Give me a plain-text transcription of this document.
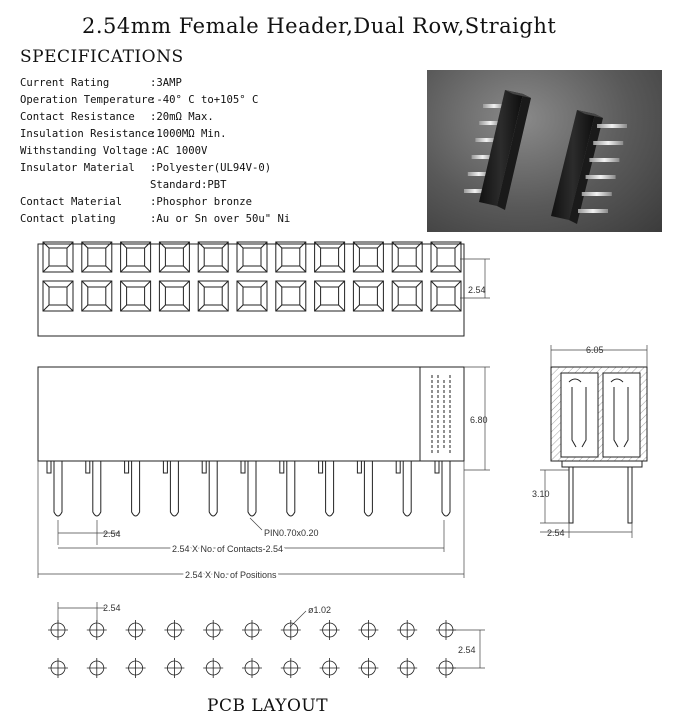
2.54mm Female Header,Dual Row,Straight
SPECIFICATIONS
Current Rating	:3AMP
Operation Temperature
:-40° C to+105° C
Contact Resistance	:20mΩ Max.
Insulation Resistance
:1000MΩ Min.
Withstanding Voltage :AC 1000V
Insulator Material	:Polyester(UL94V-0)
Standard:PBT
Contact Material	:Phosphor bronze
Contact plating	:Au or Sn over 50u" Ni
2.54
6.05
6.80
3.10
2.54
2.54	PIN0.70x0.20
2.54 X No. of Contacts-2.54
2.54 X No. of Positions
2.54	ø1.02
2.54
PCB LAYOUT
